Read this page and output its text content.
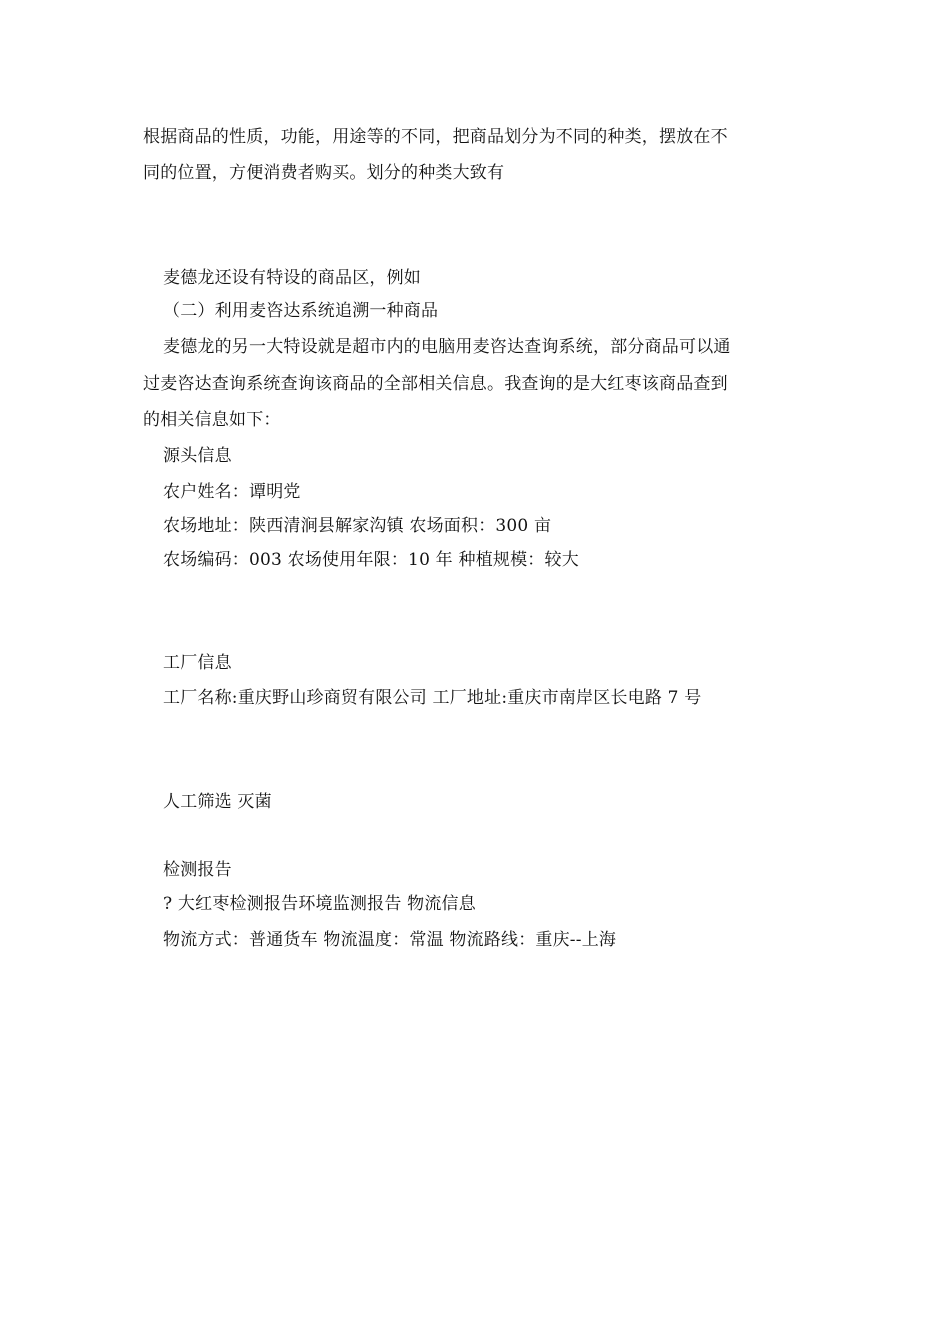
根据商品的性质，功能，用途等的不同，把商品划分为不同的种类，摆放在不
同的位置，方便消费者购买。划分的种类大致有
麦德龙还设有特设的商品区，例如
（二）利用麦咨达系统追溯一种商品
麦德龙的另一大特设就是超市内的电脑用麦咨达查询系统，部分商品可以通
过麦咨达查询系统查询该商品的全部相关信息。我查询的是大红枣该商品查到
的相关信息如下：
源头信息
农户姓名：谭明党
农场地址：陕西清涧县解家沟镇 农场面积：300 亩
农场编码：003 农场使用年限：10 年 种植规模：较大
工厂信息
工厂名称:重庆野山珍商贸有限公司 工厂地址:重庆市南岸区长电路 7 号
人工筛选 灭菌
检测报告
? 大红枣检测报告环境监测报告 物流信息
物流方式：普通货车 物流温度：常温 物流路线：重庆--上海
